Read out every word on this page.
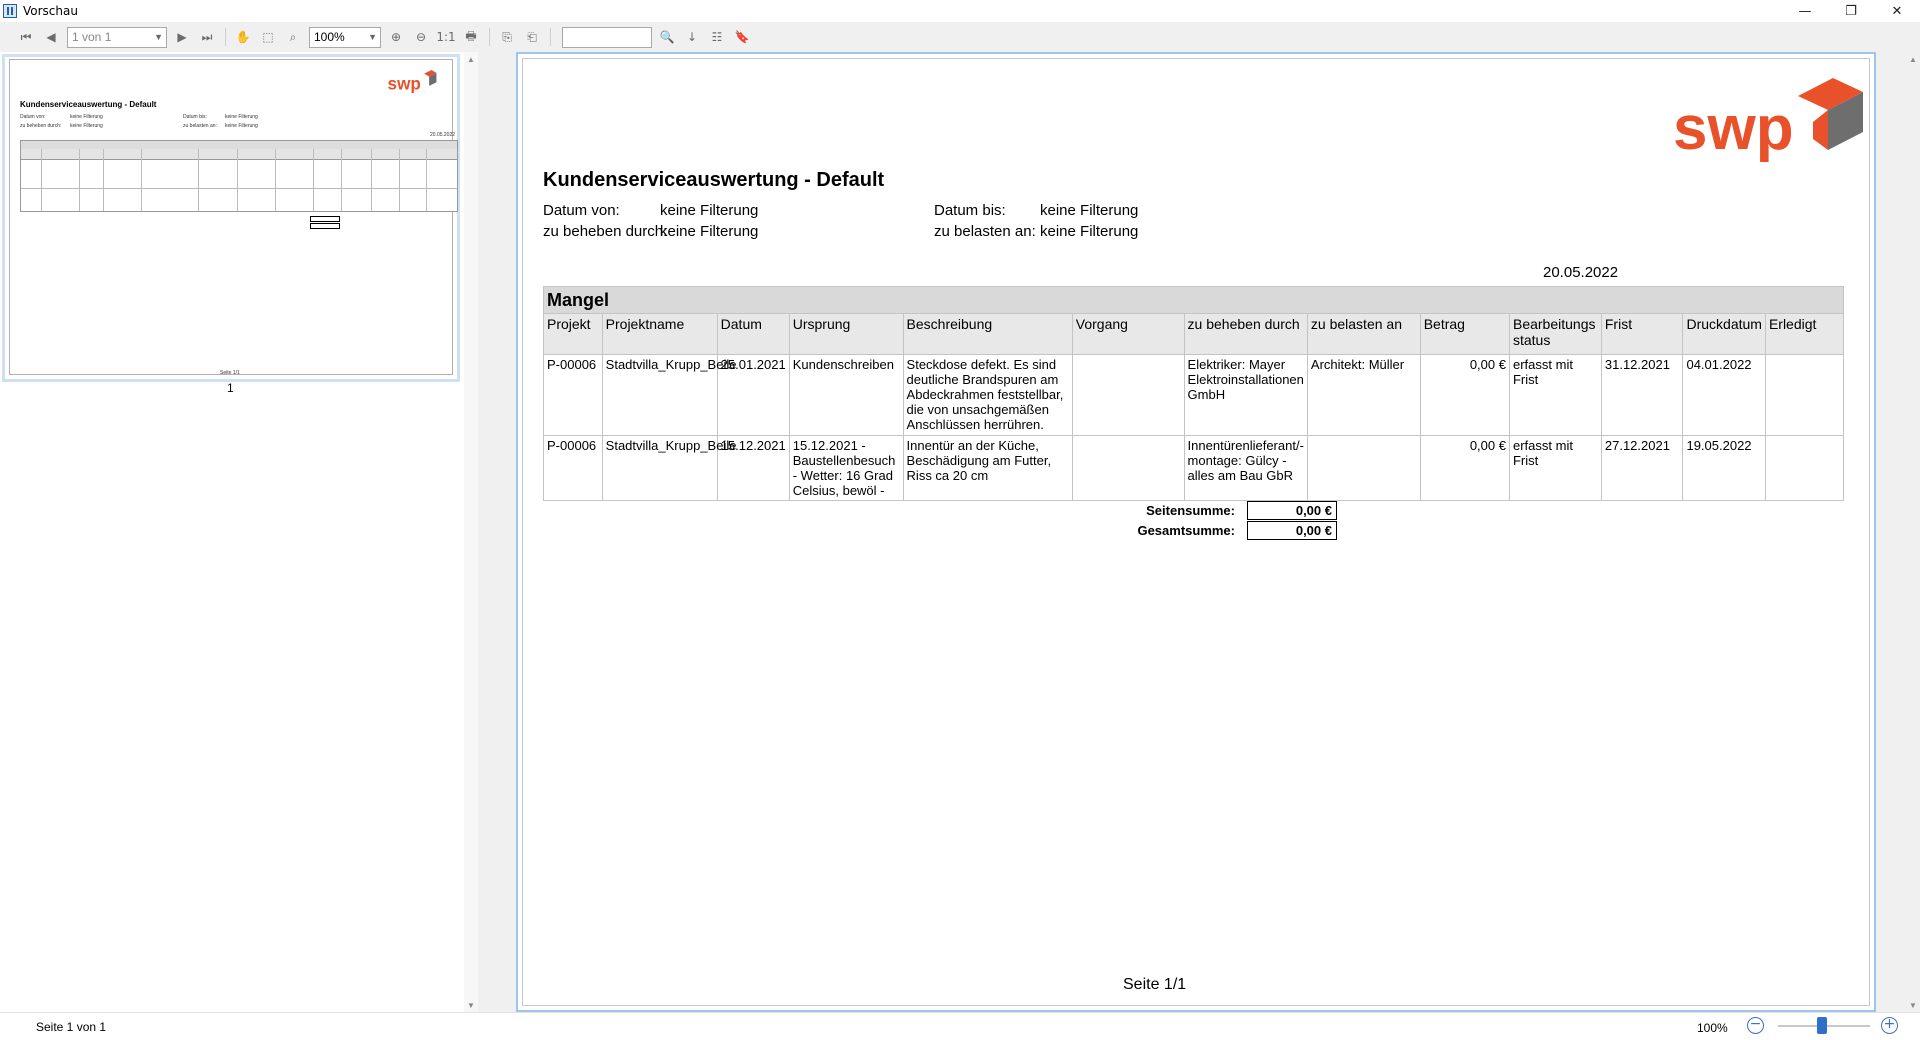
Vorschau	—	❐	✕
⏮	◀	1 von 1	▼	▶	⏭	✋ ⬚	⌕	100%	▼	⊕	⊖ 1:1 🖶	⎘	⎗	🔍	↓	☷	🔖
swp
Kundenserviceauswertung - Default
Datum von:	keine Filterung	Datum bis:	keine Filterung
zu beheben durch: keine Filterung	zu belasten an: keine Filterung
20.05.2022
Seite 1/1
1
▲
▼
swp
Kundenserviceauswertung - Default
Datum von:	keine Filterung	Datum bis: keine Filterung
zu beheben durch:
keine Filterung	zu belasten an: keine Filterung
20.05.2022
Mangel												
Projekt	Projektname	Datum	Ursprung	Beschreibung	Vorgang	zu beheben durch	zu belasten an	Betrag	Bearbeitungs status	Frist	Druckdatum	Erledigt
P-00006	Stadtvilla_Krupp_Beile	25.01.2021	Kundenschreiben	Steckdose defekt. Es sind deutliche Brandspuren am Abdeckrahmen feststellbar, die von unsachgemäßen Anschlüssen herrühren.		Elektriker: Mayer Elektroinstallationen GmbH	Architekt: Müller	0,00 €	erfasst mit Frist	31.12.2021	04.01.2022	
P-00006	Stadtvilla_Krupp_Beile	15.12.2021	15.12.2021 - Baustellenbesuch - Wetter: 16 Grad Celsius, bewöl -	Innentür an der Küche, Beschädigung am Futter, Riss ca 20 cm		Innentürenlieferant/-montage: Gülcy - alles am Bau GbR		0,00 €	erfasst mit Frist	27.12.2021	19.05.2022	
Seitensumme:	0,00 €
Gesamtsumme:	0,00 €
Seite 1/1
▲
▼
Seite 1 von 1	100% −	+
